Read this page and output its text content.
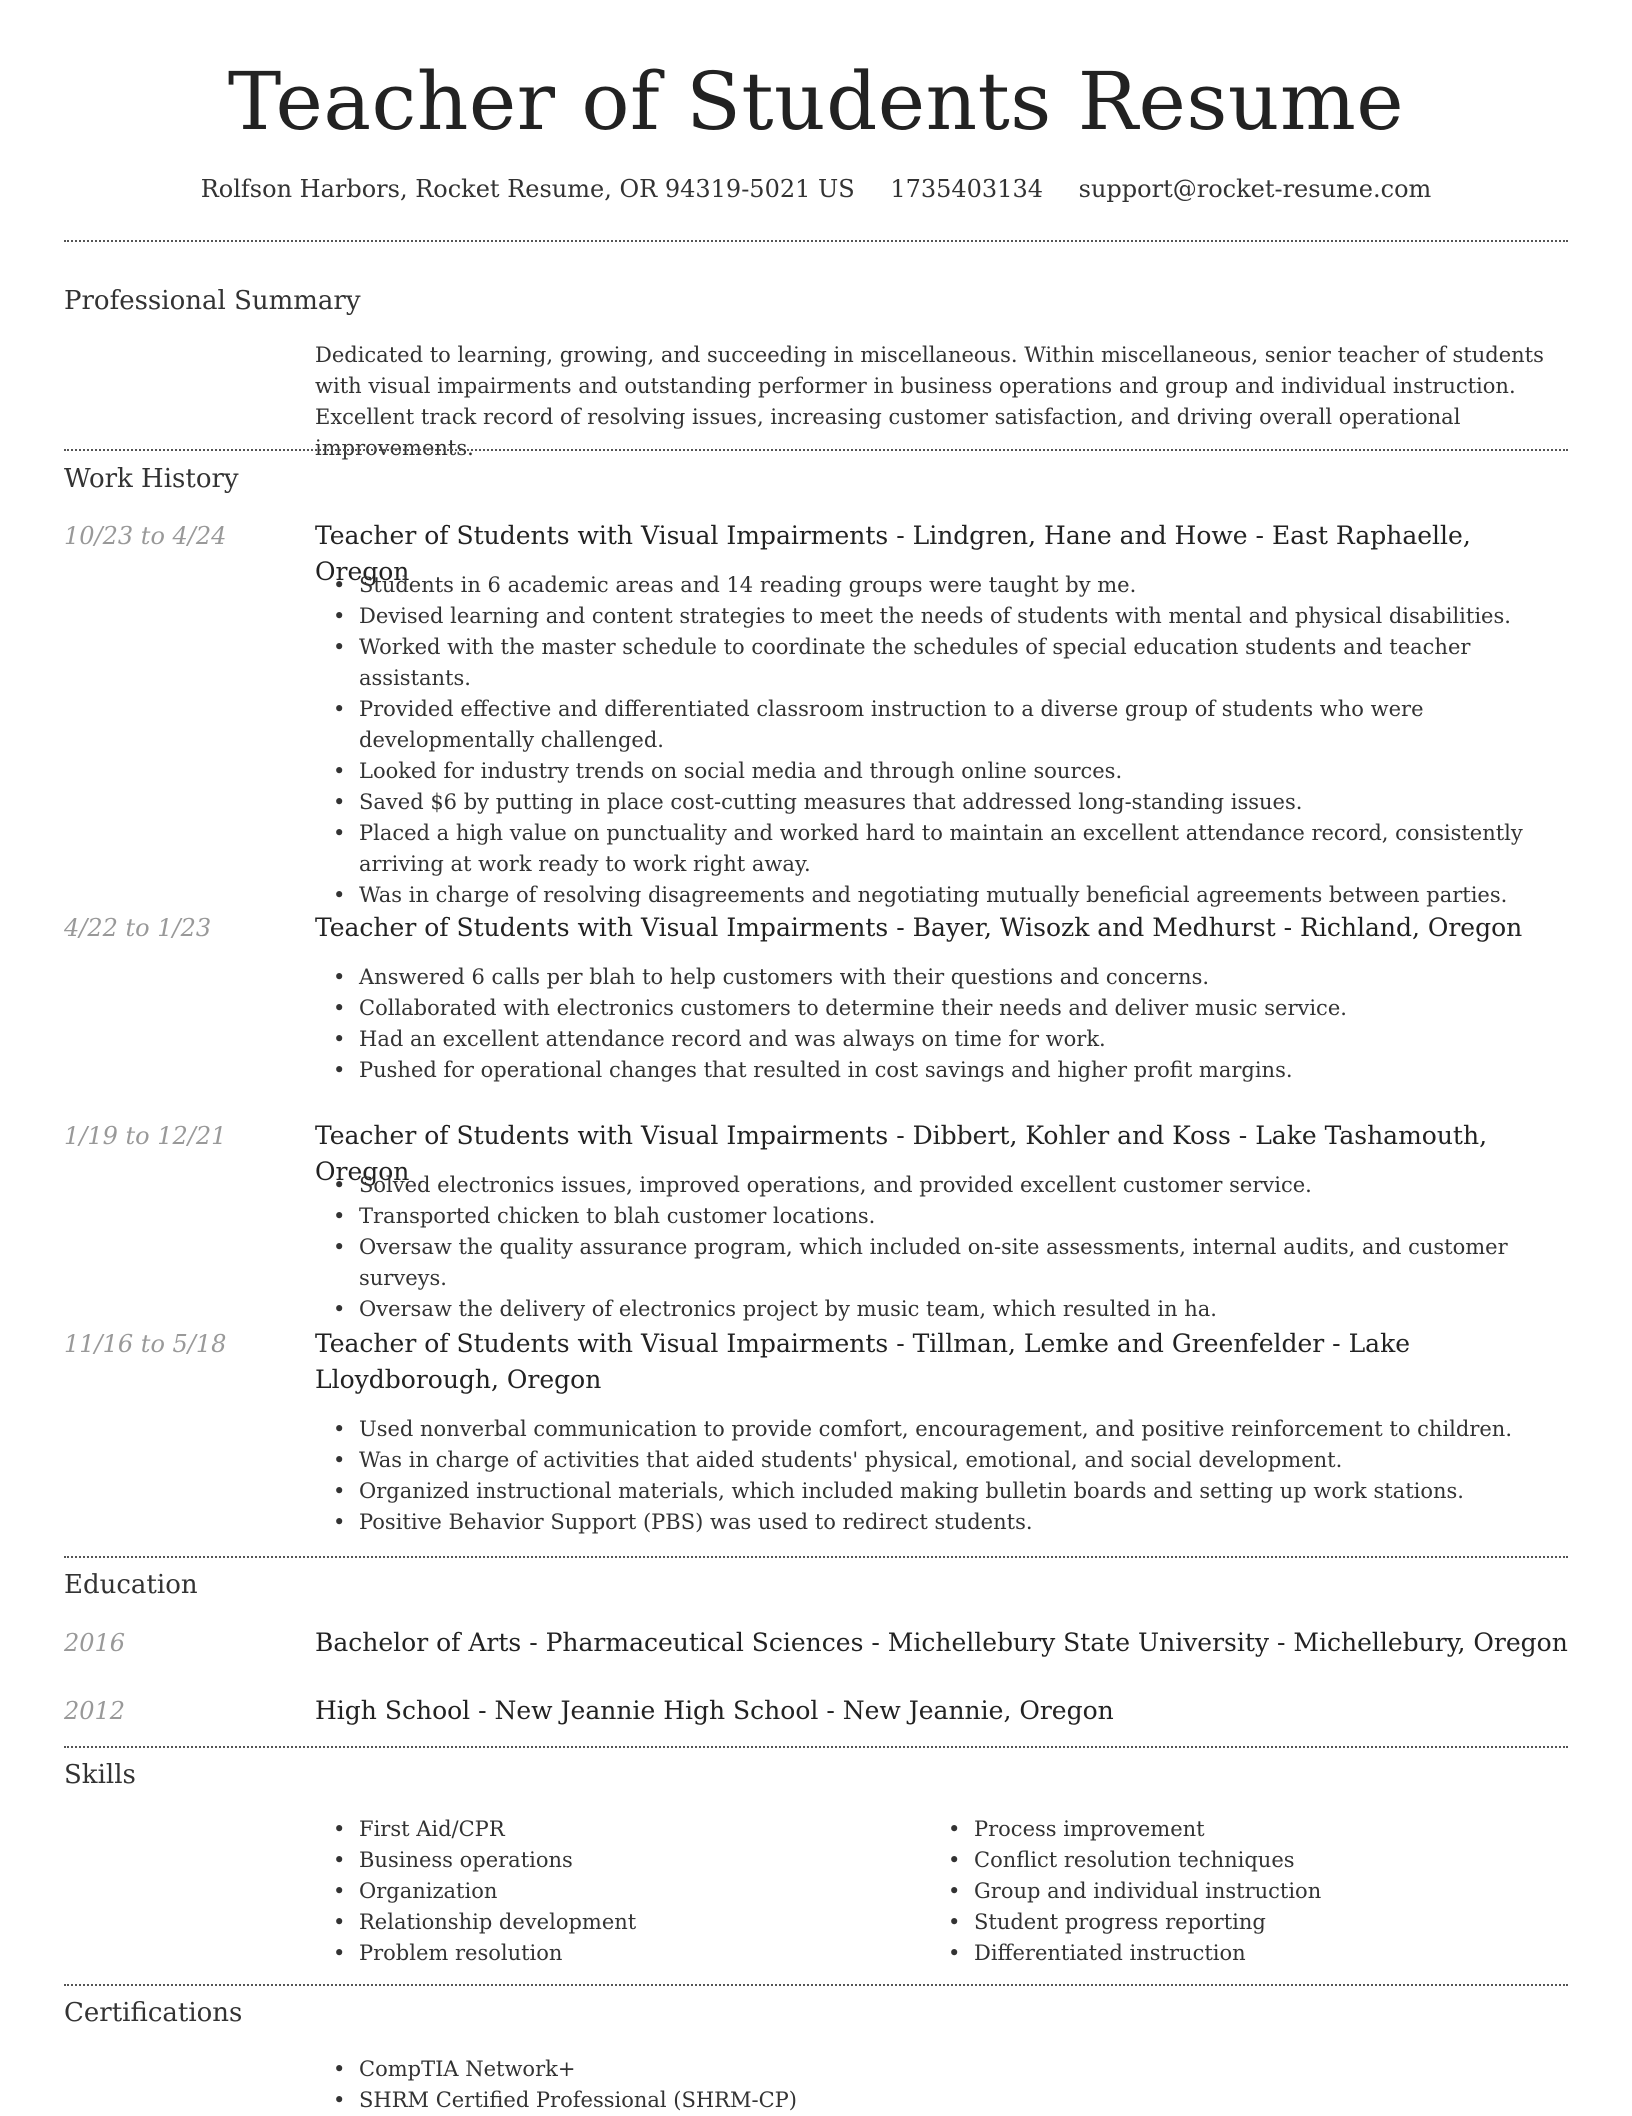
Teacher of Students Resume
Rolfson Harbors, Rocket Resume, OR 94319-5021 US 1735403134 support@rocket-resume.com
Professional Summary
Dedicated to learning, growing, and succeeding in miscellaneous. Within miscellaneous, senior teacher of students with visual impairments and outstanding performer in business operations and group and individual instruction. Excellent track record of resolving issues, increasing customer satisfaction, and driving overall operational improvements.
Work History
10/23 to 4/24	Teacher of Students with Visual Impairments - Lindgren, Hane and Howe - East Raphaelle, Oregon
• Students in 6 academic areas and 14 reading groups were taught by me.
• Devised learning and content strategies to meet the needs of students with mental and physical disabilities.
• Worked with the master schedule to coordinate the schedules of special education students and teacher assistants.
• Provided effective and differentiated classroom instruction to a diverse group of students who were developmentally challenged.
• Looked for industry trends on social media and through online sources.
• Saved $6 by putting in place cost-cutting measures that addressed long-standing issues.
• Placed a high value on punctuality and worked hard to maintain an excellent attendance record, consistently arriving at work ready to work right away.
• Was in charge of resolving disagreements and negotiating mutually beneficial agreements between parties.
4/22 to 1/23	Teacher of Students with Visual Impairments - Bayer, Wisozk and Medhurst - Richland, Oregon
• Answered 6 calls per blah to help customers with their questions and concerns.
• Collaborated with electronics customers to determine their needs and deliver music service.
• Had an excellent attendance record and was always on time for work.
• Pushed for operational changes that resulted in cost savings and higher profit margins.
1/19 to 12/21	Teacher of Students with Visual Impairments - Dibbert, Kohler and Koss - Lake Tashamouth, Oregon
• Solved electronics issues, improved operations, and provided excellent customer service.
• Transported chicken to blah customer locations.
• Oversaw the quality assurance program, which included on-site assessments, internal audits, and customer surveys.
• Oversaw the delivery of electronics project by music team, which resulted in ha.
11/16 to 5/18	Teacher of Students with Visual Impairments - Tillman, Lemke and Greenfelder - Lake Lloydborough, Oregon
• Used nonverbal communication to provide comfort, encouragement, and positive reinforcement to children.
• Was in charge of activities that aided students' physical, emotional, and social development.
• Organized instructional materials, which included making bulletin boards and setting up work stations.
• Positive Behavior Support (PBS) was used to redirect students.
Education
2016	Bachelor of Arts - Pharmaceutical Sciences - Michellebury State University - Michellebury, Oregon
2012	High School - New Jeannie High School - New Jeannie, Oregon
Skills
• First Aid/CPR
• Business operations
• Organization
• Relationship development
• Problem resolution
• Process improvement
• Conflict resolution techniques
• Group and individual instruction
• Student progress reporting
• Differentiated instruction
Certifications
• CompTIA Network+
• SHRM Certified Professional (SHRM-CP)
